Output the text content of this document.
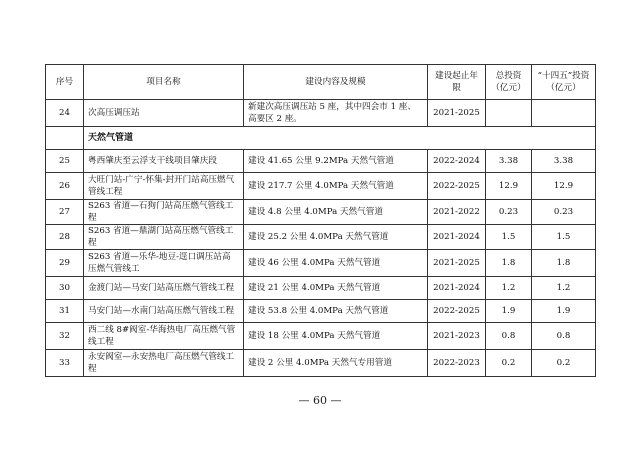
序号	项目名称	建设内容及规模	建设起止年限	总投资（亿元）	“十四五”投资（亿元）
24	次高压调压站	新建次高压调压站 5 座，其中四会市 1 座、高要区 2 座。	2021-2025		
	天然气管道				
25	粤西肇庆至云浮支干线项目肇庆段	建设 41.65 公里 9.2MPa 天然气管道	2022-2024	3.38	3.38
26	大旺门站-广宁-怀集-封开门站高压燃气管线工程	建设 217.7 公里 4.0MPa 天然气管道	2022-2025	12.9	12.9
27	S263 省道—石狗门站高压燃气管线工程	建设 4.8 公里 4.0MPa 天然气管道	2021-2022	0.23	0.23
28	S263 省道—鼎湖门站高压燃气管线工程	建设 25.2 公里 4.0MPa 天然气管道	2021-2024	1.5	1.5
29	S263 省道—乐华-地豆-逕口调压站高压燃气管线工	建设 46 公里 4.0MPa 天然气管道	2021-2025	1.8	1.8
30	金渡门站—马安门站高压燃气管线工程	建设 21 公里 4.0MPa 天然气管道	2021-2024	1.2	1.2
31	马安门站—水南门站高压燃气管线工程	建设 53.8 公里 4.0MPa 天然气管道	2022-2025	1.9	1.9
32	西二线 8#阀室-华海热电厂高压燃气管线工程	建设 18 公里 4.0MPa 天然气管道	2021-2023	0.8	0.8
33	永安阀室—永安热电厂高压燃气管线工程	建设 2 公里 4.0MPa 天然气专用管道	2022-2023	0.2	0.2
— 60 —
